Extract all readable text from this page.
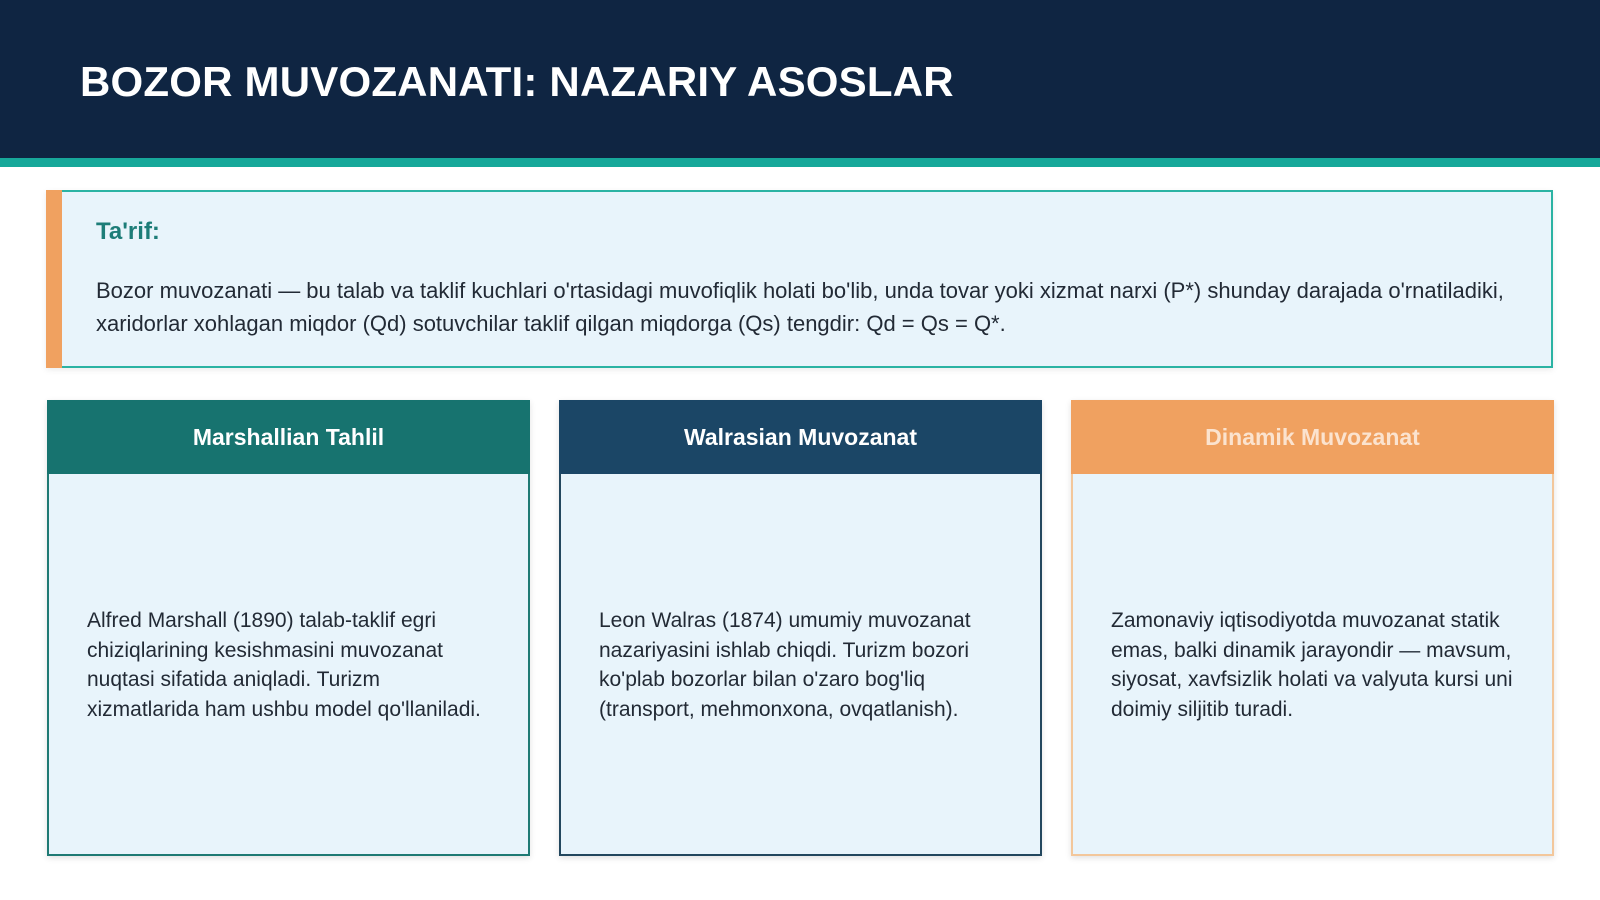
BOZOR MUVOZANATI: NAZARIY ASOSLAR
Ta'rif:
Bozor muvozanati — bu talab va taklif kuchlari o'rtasidagi muvofiqlik holati bo'lib, unda tovar yoki xizmat narxi (P*) shunday darajada o'rnatiladiki, xaridorlar xohlagan miqdor (Qd) sotuvchilar taklif qilgan miqdorga (Qs) tengdir: Qd = Qs = Q*.
Marshallian Tahlil

Alfred Marshall (1890) talab-taklif egri chiziqlarining kesishmasini muvozanat nuqtasi sifatida aniqladi. Turizm xizmatlarida ham ushbu model qo'llaniladi.

Walrasian Muvozanat

Leon Walras (1874) umumiy muvozanat nazariyasini ishlab chiqdi. Turizm bozori ko'plab bozorlar bilan o'zaro bog'liq (transport, mehmonxona, ovqatlanish).

Dinamik Muvozanat

Zamonaviy iqtisodiyotda muvozanat statik emas, balki dinamik jarayondir — mavsum, siyosat, xavfsizlik holati va valyuta kursi uni doimiy siljitib turadi.
